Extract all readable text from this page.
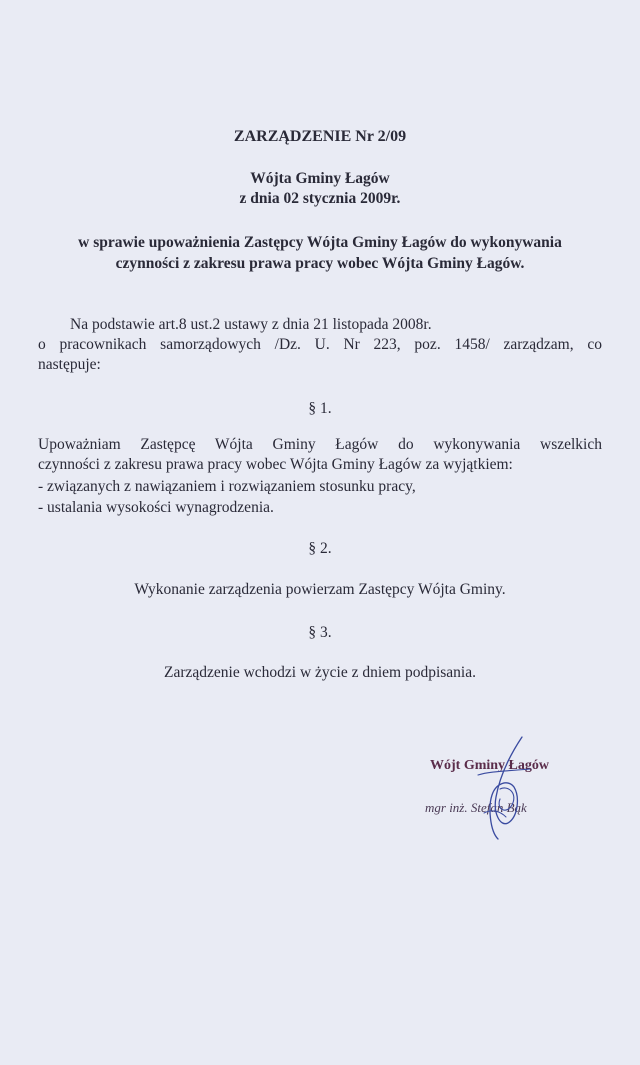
ZARZĄDZENIE Nr 2/09
Wójta Gminy Łagów
z dnia 02 stycznia 2009r.
w sprawie upoważnienia Zastępcy Wójta Gminy Łagów do wykonywania
czynności z zakresu prawa pracy wobec Wójta Gminy Łagów.
Na podstawie art.8 ust.2 ustawy z dnia 21 listopada 2008r.
o pracownikach samorządowych /Dz. U. Nr 223, poz. 1458/ zarządzam, co
następuje:
§ 1.
Upoważniam Zastępcę Wójta Gminy Łagów do wykonywania wszelkich
czynności z zakresu prawa pracy wobec Wójta Gminy Łagów za wyjątkiem:
- związanych z nawiązaniem i rozwiązaniem stosunku pracy,
- ustalania wysokości wynagrodzenia.
§ 2.
Wykonanie zarządzenia powierzam Zastępcy Wójta Gminy.
§ 3.
Zarządzenie wchodzi w życie z dniem podpisania.
Wójt Gminy Łagów
mgr inż. Stefan Bąk
